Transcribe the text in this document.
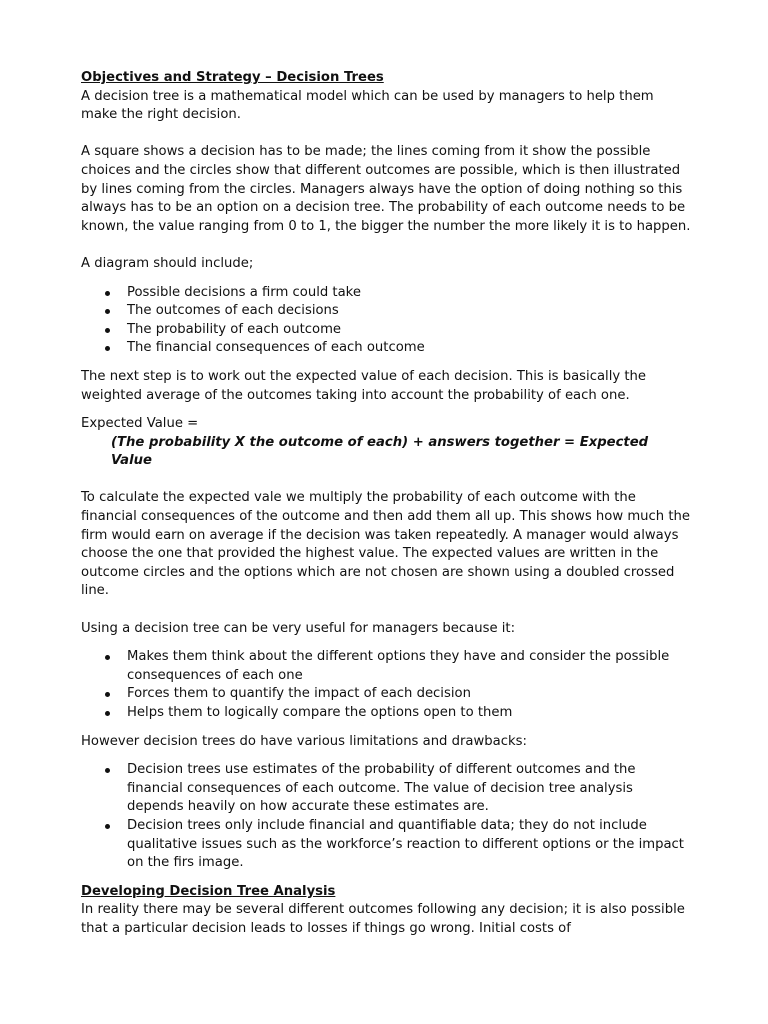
Objectives and Strategy – Decision Trees

A decision tree is a mathematical model which can be used by managers to help them make the right decision.

A square shows a decision has to be made; the lines coming from it show the possible choices and the circles show that different outcomes are possible, which is then illustrated by lines coming from the circles. Managers always have the option of doing nothing so this always has to be an option on a decision tree. The probability of each outcome needs to be known, the value ranging from 0 to 1, the bigger the number the more likely it is to happen.

A diagram should include;

Possible decisions a firm could take
The outcomes of each decisions
The probability of each outcome
The financial consequences of each outcome

The next step is to work out the expected value of each decision. This is basically the weighted average of the outcomes taking into account the probability of each one.

Expected Value =

(The probability X the outcome of each) + answers together = Expected Value

To calculate the expected vale we multiply the probability of each outcome with the financial consequences of the outcome and then add them all up. This shows how much the firm would earn on average if the decision was taken repeatedly. A manager would always choose the one that provided the highest value. The expected values are written in the outcome circles and the options which are not chosen are shown using a doubled crossed line.

Using a decision tree can be very useful for managers because it:

Makes them think about the different options they have and consider the possible consequences of each one
Forces them to quantify the impact of each decision
Helps them to logically compare the options open to them

However decision trees do have various limitations and drawbacks:

Decision trees use estimates of the probability of different outcomes and the financial consequences of each outcome. The value of decision tree analysis depends heavily on how accurate these estimates are.
Decision trees only include financial and quantifiable data; they do not include qualitative issues such as the workforce’s reaction to different options or the impact on the firs image.
Developing Decision Tree Analysis

In reality there may be several different outcomes following any decision; it is also possible that a particular decision leads to losses if things go wrong. Initial costs of
